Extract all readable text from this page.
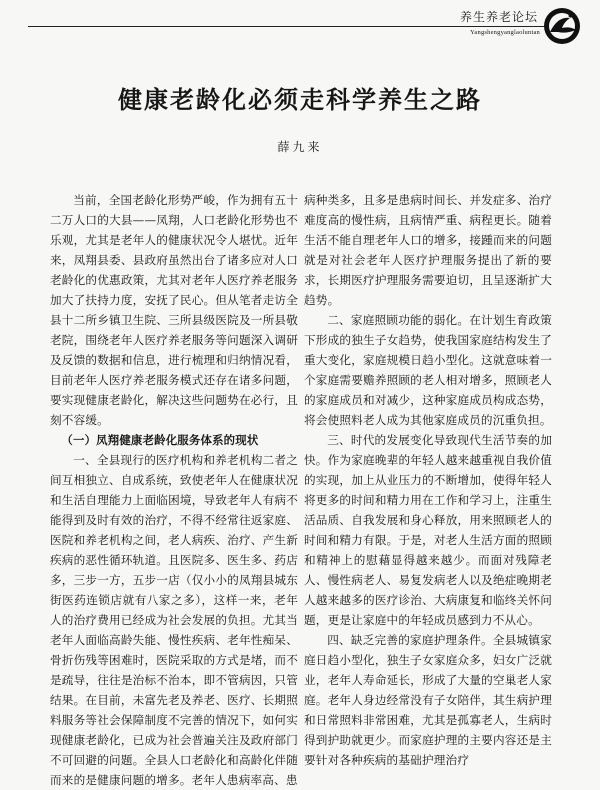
养生养老论坛
Yangshengyanglaoluntan
健康老龄化必须走科学养生之路
薛九来

当前，全国老龄化形势严峻，作为拥有五十二万人口的大县——凤翔，人口老龄化形势也不乐观，尤其是老年人的健康状况令人堪忧。近年来，凤翔县委、县政府虽然出台了诸多应对人口老龄化的优惠政策，尤其对老年人医疗养老服务加大了扶持力度，安抚了民心。但从笔者走访全县十二所乡镇卫生院、三所县级医院及一所县敬老院，围绕老年人医疗养老服务等问题深入调研及反馈的数据和信息，进行梳理和归纳情况看，目前老年人医疗养老服务模式还存在诸多问题，要实现健康老龄化，解决这些问题势在必行，且刻不容缓。

（一）凤翔健康老龄化服务体系的现状

一、全县现行的医疗机构和养老机构二者之间互相独立、自成系统，致使老年人在健康状况和生活自理能力上面临困境，导致老年人有病不能得到及时有效的治疗，不得不经常往返家庭、医院和养老机构之间，老人病疾、治疗、产生新疾病的恶性循环轨道。且医院多、医生多、药店多，三步一方，五步一店（仅小小的凤翔县城东街医药连锁店就有八家之多），这样一来，老年人的治疗费用已经成为社会发展的负担。尤其当老年人面临高龄失能、慢性疾病、老年性痴呆、骨折伤残等困难时，医院采取的方式是堵，而不是疏导，往往是治标不治本，即不管病因，只管结果。在目前，未富先老及养老、医疗、长期照料服务等社会保障制度不完善的情况下，如何实现健康老龄化，已成为社会普遍关注及政府部门不可回避的问题。全县人口老龄化和高龄化伴随而来的是健康问题的增多。老年人患病率高、患

病种类多，且多是患病时间长、并发症多、治疗难度高的慢性病，且病情严重、病程更长。随着生活不能自理老年人口的增多，接踵而来的问题就是对社会老年人医疗护理服务提出了新的要求，长期医疗护理服务需要迫切，且呈逐渐扩大趋势。

二、家庭照顾功能的弱化。在计划生育政策下形成的独生子女趋势，使我国家庭结构发生了重大变化，家庭规模日趋小型化。这就意味着一个家庭需要赡养照顾的老人相对增多，照顾老人的家庭成员和对减少，这种家庭成员构成态势，将会使照料老人成为其他家庭成员的沉重负担。

三、时代的发展变化导致现代生活节奏的加快。作为家庭晚辈的年轻人越来越重视自我价值的实现，加上从业压力的不断增加，使得年轻人将更多的时间和精力用在工作和学习上，注重生活品质、自我发展和身心释放，用来照顾老人的时间和精力有限。于是，对老人生活方面的照顾和精神上的慰藉显得越来越少。而面对残障老人、慢性病老人、易复发病老人以及绝症晚期老人越来越多的医疗诊治、大病康复和临终关怀问题，更是让家庭中的年轻成员感到力不从心。

四、缺乏完善的家庭护理条件。全县城镇家庭日趋小型化，独生子女家庭众多，妇女广泛就业，老年人寿命延长，形成了大量的空巢老人家庭。老年人身边经常没有子女陪伴，其生病护理和日常照料非常困难，尤其是孤寡老人，生病时得到护助就更少。而家庭护理的主要内容还是主要针对各种疾病的基础护理治疗
